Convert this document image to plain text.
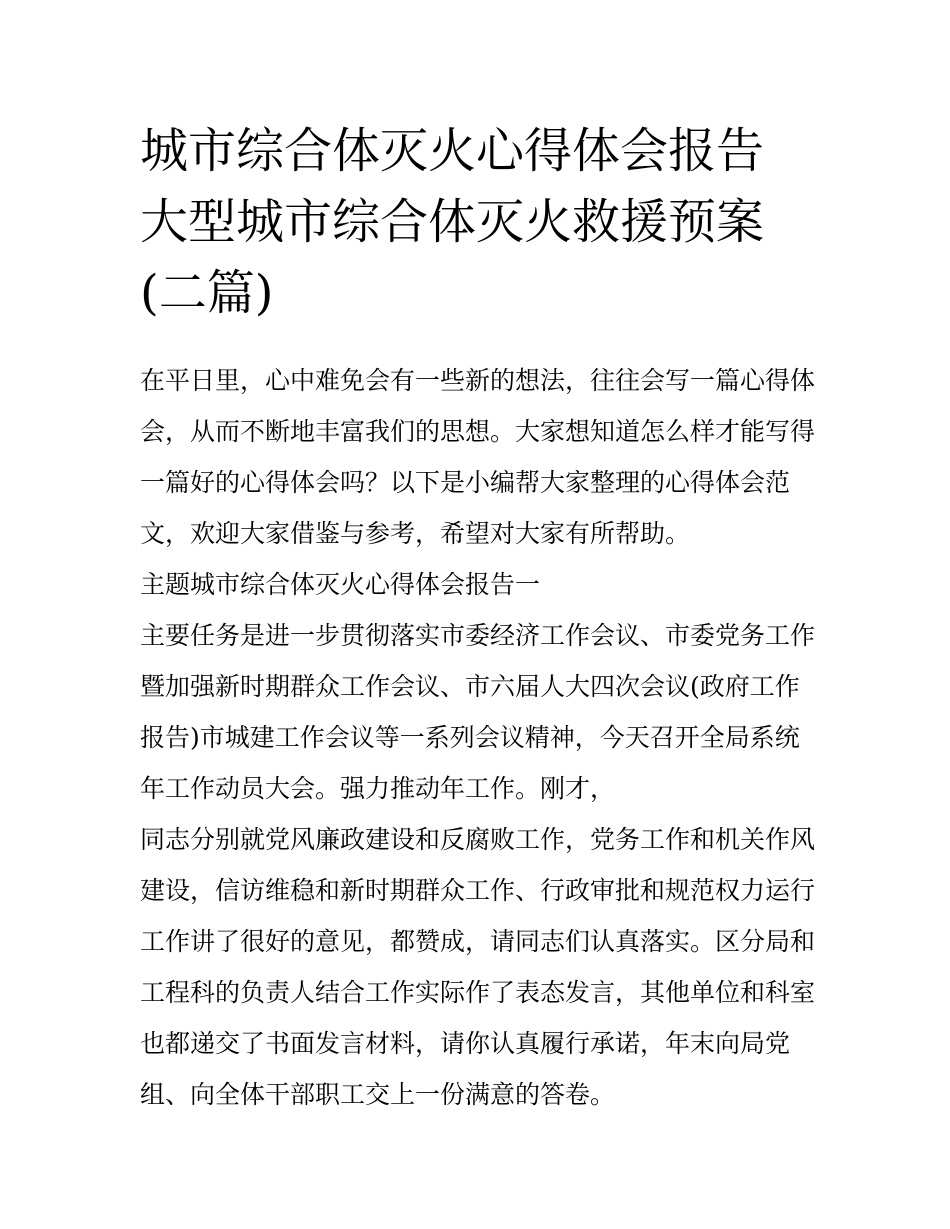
城市综合体灭火心得体会报告
大型城市综合体灭火救援预案
(二篇)

在平日里，心中难免会有一些新的想法，往往会写一篇心得体
会，从而不断地丰富我们的思想。大家想知道怎么样才能写得
一篇好的心得体会吗？以下是小编帮大家整理的心得体会范
文，欢迎大家借鉴与参考，希望对大家有所帮助。

主题城市综合体灭火心得体会报告一

主要任务是进一步贯彻落实市委经济工作会议、市委党务工作
暨加强新时期群众工作会议、市六届人大四次会议(政府工作
报告)市城建工作会议等一系列会议精神，今天召开全局系统
年工作动员大会。强力推动年工作。刚才，

同志分别就党风廉政建设和反腐败工作，党务工作和机关作风
建设，信访维稳和新时期群众工作、行政审批和规范权力运行
工作讲了很好的意见，都赞成，请同志们认真落实。区分局和
工程科的负责人结合工作实际作了表态发言，其他单位和科室
也都递交了书面发言材料，请你认真履行承诺，年末向局党
组、向全体干部职工交上一份满意的答卷。
